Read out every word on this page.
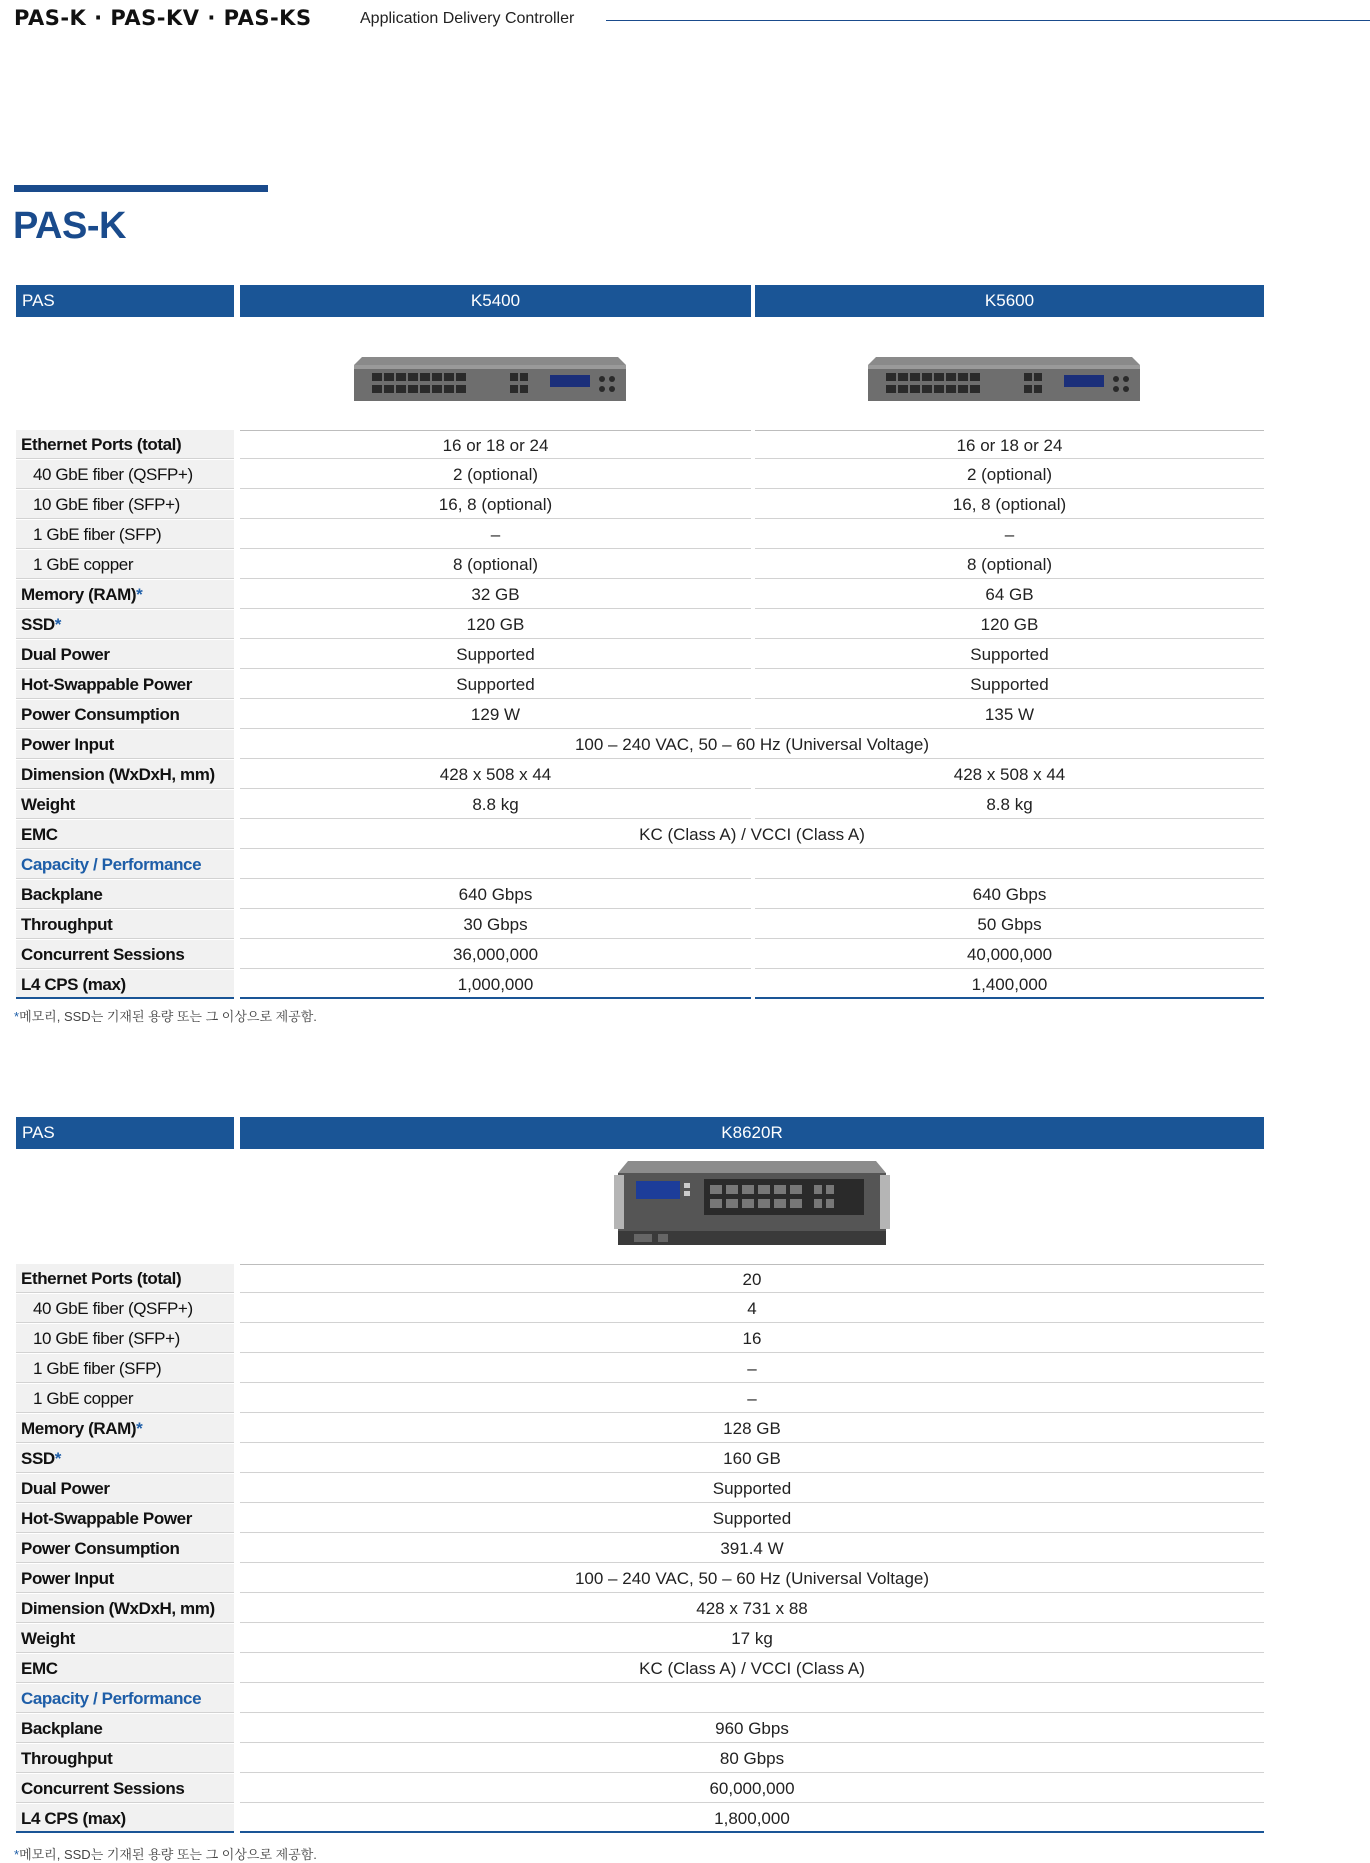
PAS-K · PAS-KV · PAS-KS	Application Delivery Controller
PAS-K
PAS	K5400	K5600
Ethernet Ports (total)	16 or 18 or 24	16 or 18 or 24
40 GbE fiber (QSFP+)	2 (optional)	2 (optional)
10 GbE fiber (SFP+)	16, 8 (optional)	16, 8 (optional)
1 GbE fiber (SFP)	–	–
1 GbE copper	8 (optional)	8 (optional)
Memory (RAM)*	32 GB	64 GB
SSD*	120 GB	120 GB
Dual Power	Supported	Supported
Hot-Swappable Power	Supported	Supported
Power Consumption	129 W	135 W
Power Input	100 – 240 VAC, 50 – 60 Hz (Universal Voltage)
Dimension (WxDxH, mm)	428 x 508 x 44	428 x 508 x 44
Weight	8.8 kg	8.8 kg
EMC	KC (Class A) / VCCI (Class A)
Capacity / Performance
Backplane	640 Gbps	640 Gbps
Throughput	30 Gbps	50 Gbps
Concurrent Sessions	36,000,000	40,000,000
L4 CPS (max)	1,000,000	1,400,000
*메모리, SSD는 기재된 용량 또는 그 이상으로 제공함.
PAS	K8620R
Ethernet Ports (total)	20
40 GbE fiber (QSFP+)	4
10 GbE fiber (SFP+)	16
1 GbE fiber (SFP)	–
1 GbE copper	–
Memory (RAM)*	128 GB
SSD*	160 GB
Dual Power	Supported
Hot-Swappable Power	Supported
Power Consumption	391.4 W
Power Input	100 – 240 VAC, 50 – 60 Hz (Universal Voltage)
Dimension (WxDxH, mm)	428 x 731 x 88
Weight	17 kg
EMC	KC (Class A) / VCCI (Class A)
Capacity / Performance
Backplane	960 Gbps
Throughput	80 Gbps
Concurrent Sessions	60,000,000
L4 CPS (max)	1,800,000
*메모리, SSD는 기재된 용량 또는 그 이상으로 제공함.
